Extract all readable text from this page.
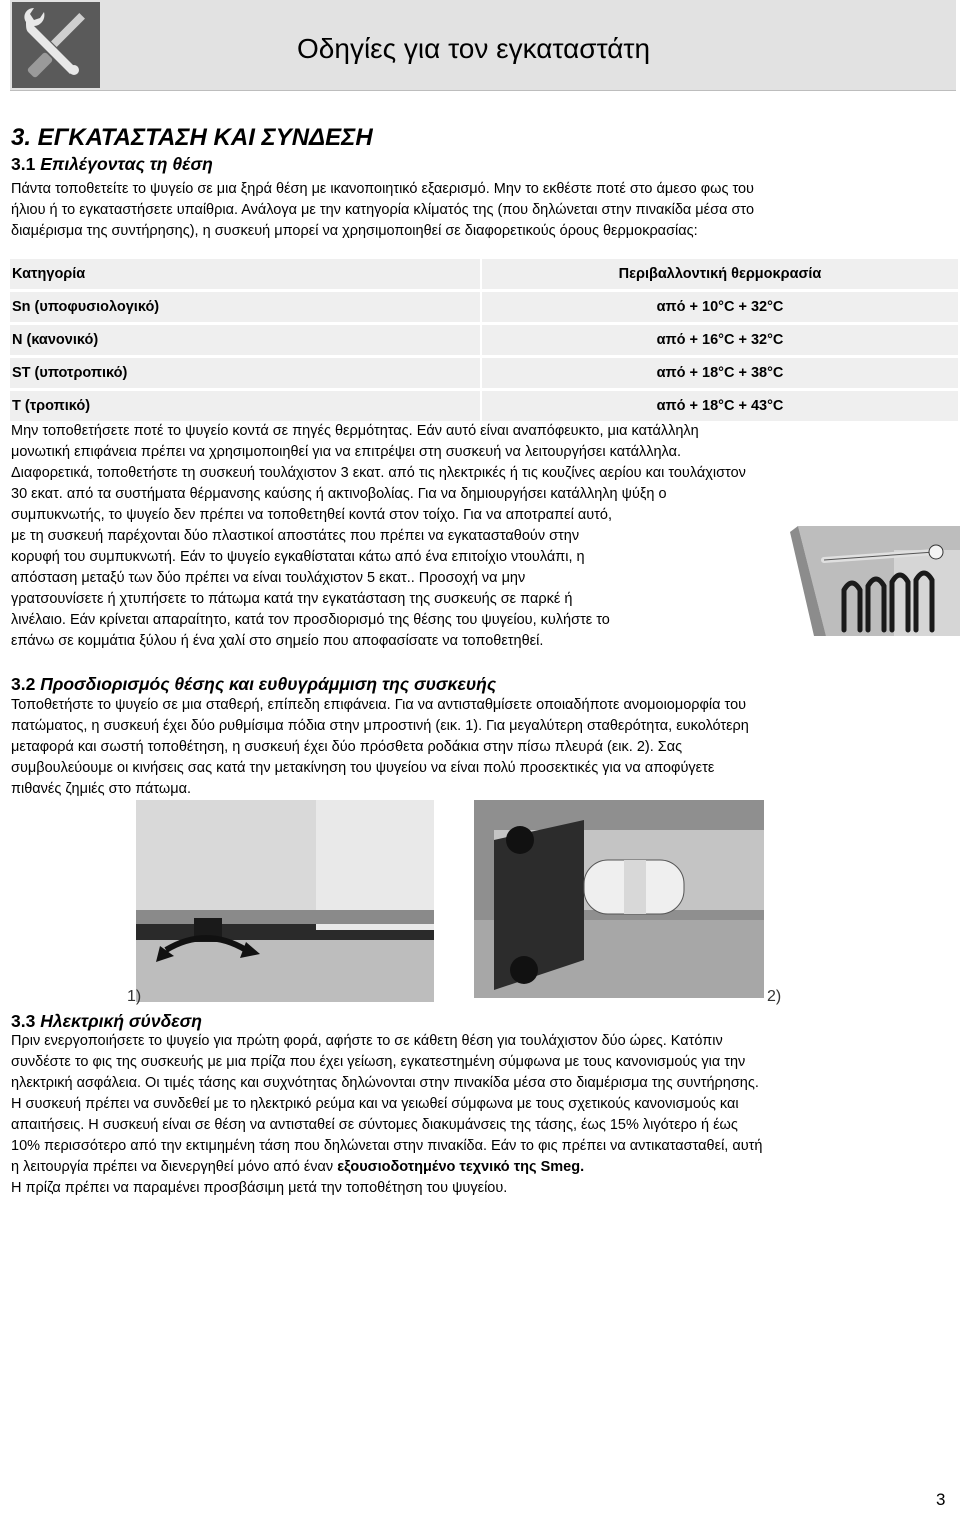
Οδηγίες για τον εγκαταστάτη
3. ΕΓΚΑΤΑΣΤΑΣΗ ΚΑΙ ΣΥΝΔΕΣΗ
3.1 Επιλέγοντας τη θέση
Πάντα τοποθετείτε το ψυγείο σε μια ξηρά θέση με ικανοποιητικό εξαερισμό. Μην το εκθέστε ποτέ στο άμεσο φως του
ήλιου ή το εγκαταστήσετε υπαίθρια. Ανάλογα με την κατηγορία κλίματός της (που δηλώνεται στην πινακίδα μέσα στο
διαμέρισμα της συντήρησης), η συσκευή μπορεί να χρησιμοποιηθεί σε διαφορετικούς όρους θερμοκρασίας:
Κατηγορία	Περιβαλλοντική θερμοκρασία
Sn (υποφυσιολογικό)	από + 10°C + 32°C
N (κανονικό)	από + 16°C + 32°C
ST (υποτροπικό)	από + 18°C + 38°C
T (τροπικό)	από + 18°C + 43°C
Μην τοποθετήσετε ποτέ το ψυγείο κοντά σε πηγές θερμότητας. Εάν αυτό είναι αναπόφευκτο, μια κατάλληλη
μονωτική επιφάνεια πρέπει να χρησιμοποιηθεί για να επιτρέψει στη συσκευή να λειτουργήσει κατάλληλα.
Διαφορετικά, τοποθετήστε τη συσκευή τουλάχιστον 3 εκατ. από τις ηλεκτρικές ή τις κουζίνες αερίου και τουλάχιστον
30 εκατ. από τα συστήματα θέρμανσης καύσης ή ακτινοβολίας. Για να δημιουργήσει κατάλληλη ψύξη ο
συμπυκνωτής, το ψυγείο δεν πρέπει να τοποθετηθεί κοντά στον τοίχο. Για να αποτραπεί αυτό,
με τη συσκευή παρέχονται δύο πλαστικοί αποστάτες που πρέπει να εγκατασταθούν στην
κορυφή του συμπυκνωτή. Εάν το ψυγείο εγκαθίσταται κάτω από ένα επιτοίχιο ντουλάπι, η
απόσταση μεταξύ των δύο πρέπει να είναι τουλάχιστον 5 εκατ.. Προσοχή να μην
γρατσουνίσετε ή χτυπήσετε το πάτωμα κατά την εγκατάσταση της συσκευής σε παρκέ ή
λινέλαιο. Εάν κρίνεται απαραίτητο, κατά τον προσδιορισμό της θέσης του ψυγείου, κυλήστε το
επάνω σε κομμάτια ξύλου ή ένα χαλί στο σημείο που αποφασίσατε να τοποθετηθεί.
3.2 Προσδιορισμός θέσης και ευθυγράμμιση της συσκευής
Τοποθετήστε το ψυγείο σε μια σταθερή, επίπεδη επιφάνεια. Για να αντισταθμίσετε οποιαδήποτε ανομοιομορφία του
πατώματος, η συσκευή έχει δύο ρυθμίσιμα πόδια στην μπροστινή (εικ. 1). Για μεγαλύτερη σταθερότητα, ευκολότερη
μεταφορά και σωστή τοποθέτηση, η συσκευή έχει δύο πρόσθετα ροδάκια στην πίσω πλευρά (εικ. 2). Σας
συμβουλεύουμε οι κινήσεις σας κατά την μετακίνηση του ψυγείου να είναι πολύ προσεκτικές για να αποφύγετε
πιθανές ζημιές στο πάτωμα.
1)	2)
3.3 Ηλεκτρική σύνδεση
Πριν ενεργοποιήσετε το ψυγείο για πρώτη φορά, αφήστε το σε κάθετη θέση για τουλάχιστον δύο ώρες. Κατόπιν
συνδέστε το φις της συσκευής με μια πρίζα που έχει γείωση, εγκατεστημένη σύμφωνα με τους κανονισμούς για την
ηλεκτρική ασφάλεια. Οι τιμές τάσης και συχνότητας δηλώνονται στην πινακίδα μέσα στο διαμέρισμα της συντήρησης.
Η συσκευή πρέπει να συνδεθεί με το ηλεκτρικό ρεύμα και να γειωθεί σύμφωνα με τους σχετικούς κανονισμούς και
απαιτήσεις. Η συσκευή είναι σε θέση να αντισταθεί σε σύντομες διακυμάνσεις της τάσης, έως 15% λιγότερο ή έως
10% περισσότερο από την εκτιμημένη τάση που δηλώνεται στην πινακίδα. Εάν το φις πρέπει να αντικατασταθεί, αυτή
η λειτουργία πρέπει να διενεργηθεί μόνο από έναν εξουσιοδοτημένο τεχνικό της Smeg.
Η πρίζα πρέπει να παραμένει προσβάσιμη μετά την τοποθέτηση του ψυγείου.
3
